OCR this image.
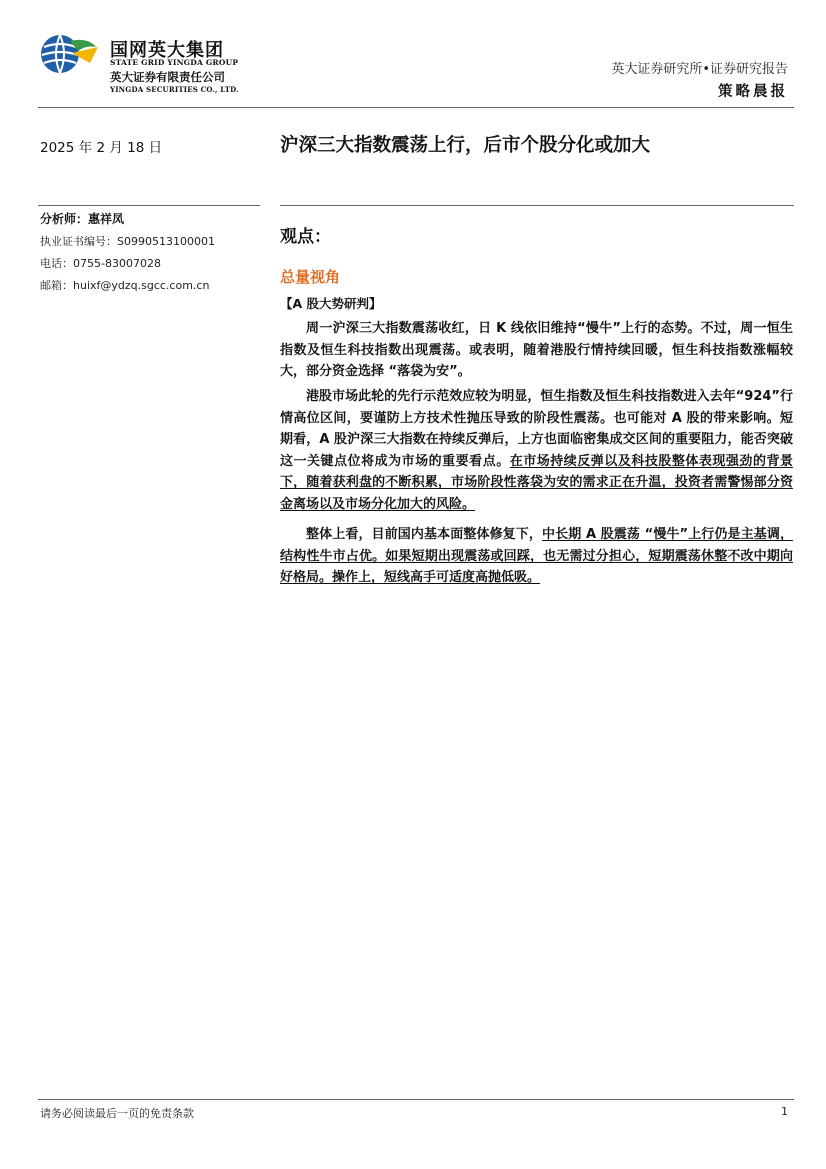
国网英大集团
STATE GRID YINGDA GROUP
英大证券有限责任公司
YINGDA SECURITIES CO., LTD.
英大证券研究所•证券研究报告
策略晨报
2025 年 2 月 18 日	沪深三大指数震荡上行，后市个股分化或加大
分析师：惠祥凤
执业证书编号：S0990513100001
电话：0755-83007028
邮箱：huixf@ydzq.sgcc.com.cn
观点：
总量视角
【A 股大势研判】

周一沪深三大指数震荡收红，日 K 线依旧维持“慢牛”上行的态势。不过，周一恒生指数及恒生科技指数出现震荡。或表明，随着港股行情持续回暖，恒生科技指数涨幅较大，部分资金选择 “落袋为安”。

港股市场此轮的先行示范效应较为明显，恒生指数及恒生科技指数进入去年“924”行情高位区间，要谨防上方技术性抛压导致的阶段性震荡。也可能对 A 股的带来影响。短期看，A 股沪深三大指数在持续反弹后，上方也面临密集成交区间的重要阻力，能否突破这一关键点位将成为市场的重要看点。在市场持续反弹以及科技股整体表现强劲的背景下，随着获利盘的不断积累，市场阶段性落袋为安的需求正在升温，投资者需警惕部分资金离场以及市场分化加大的风险。

整体上看，目前国内基本面整体修复下，中长期 A 股震荡 “慢牛”上行仍是主基调，结构性牛市占优。如果短期出现震荡或回踩，也无需过分担心，短期震荡休整不改中期向好格局。操作上，短线高手可适度高抛低吸。

请务必阅读最后一页的免责条款	1
